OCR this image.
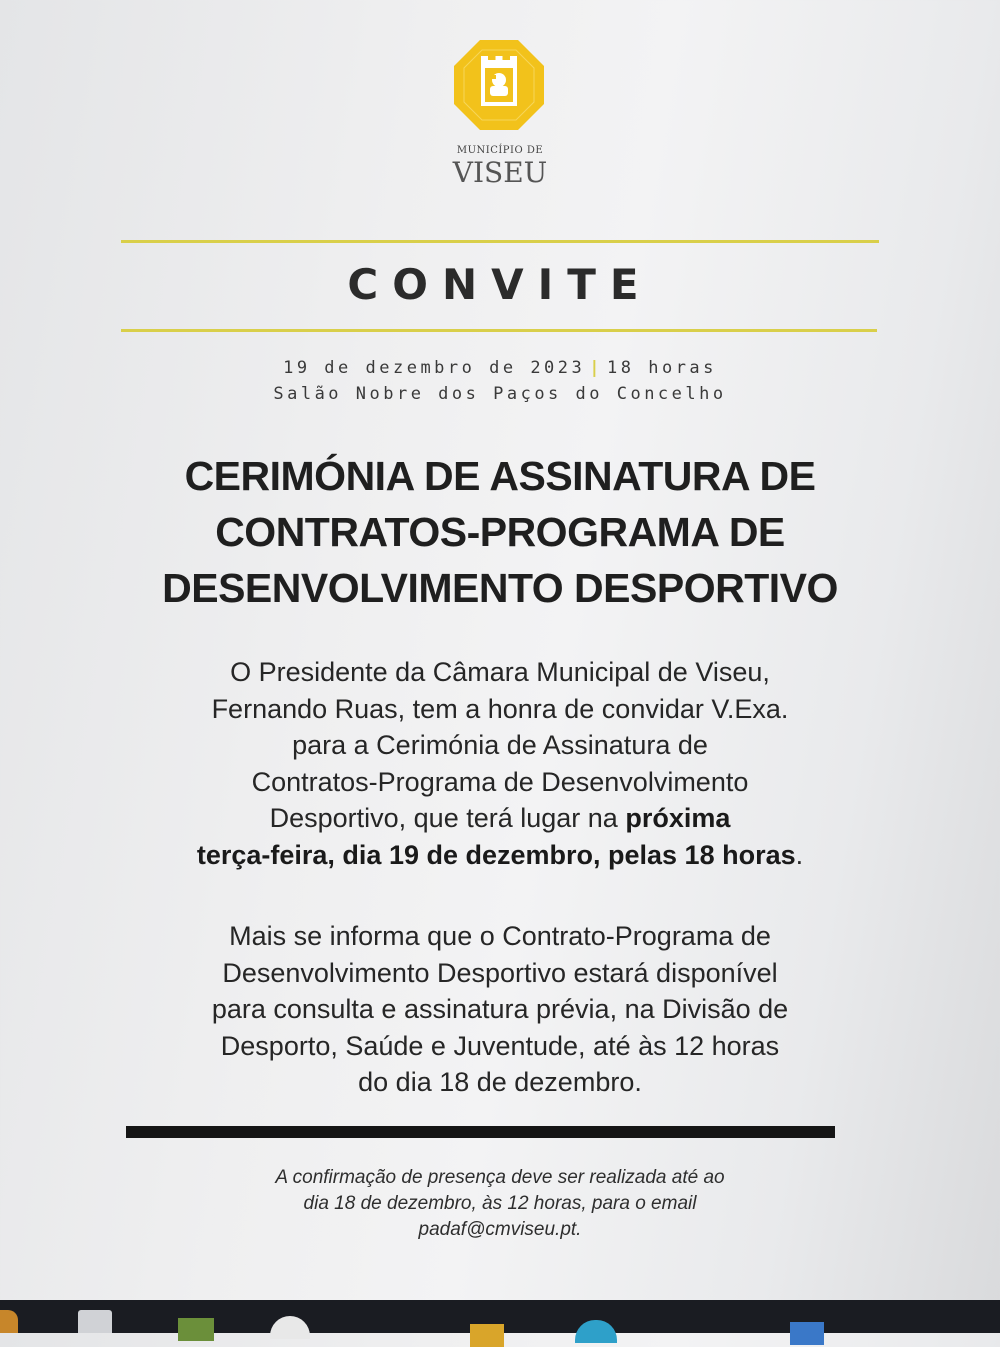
MUNICÍPIO DE
VISEU
CONVITE
19 de dezembro de 2023 | 18 horas
Salão Nobre dos Paços do Concelho
CERIMÓNIA DE ASSINATURA DE
CONTRATOS-PROGRAMA DE
DESENVOLVIMENTO DESPORTIVO
O Presidente da Câmara Municipal de Viseu,
Fernando Ruas, tem a honra de convidar V.Exa.
para a Cerimónia de Assinatura de
Contratos-Programa de Desenvolvimento
Desportivo, que terá lugar na próxima
terça-feira, dia 19 de dezembro, pelas 18 horas.
Mais se informa que o Contrato-Programa de
Desenvolvimento Desportivo estará disponível
para consulta e assinatura prévia, na Divisão de
Desporto, Saúde e Juventude, até às 12 horas
do dia 18 de dezembro.
A confirmação de presença deve ser realizada até ao
dia 18 de dezembro, às 12 horas, para o email
padaf@cmviseu.pt.
